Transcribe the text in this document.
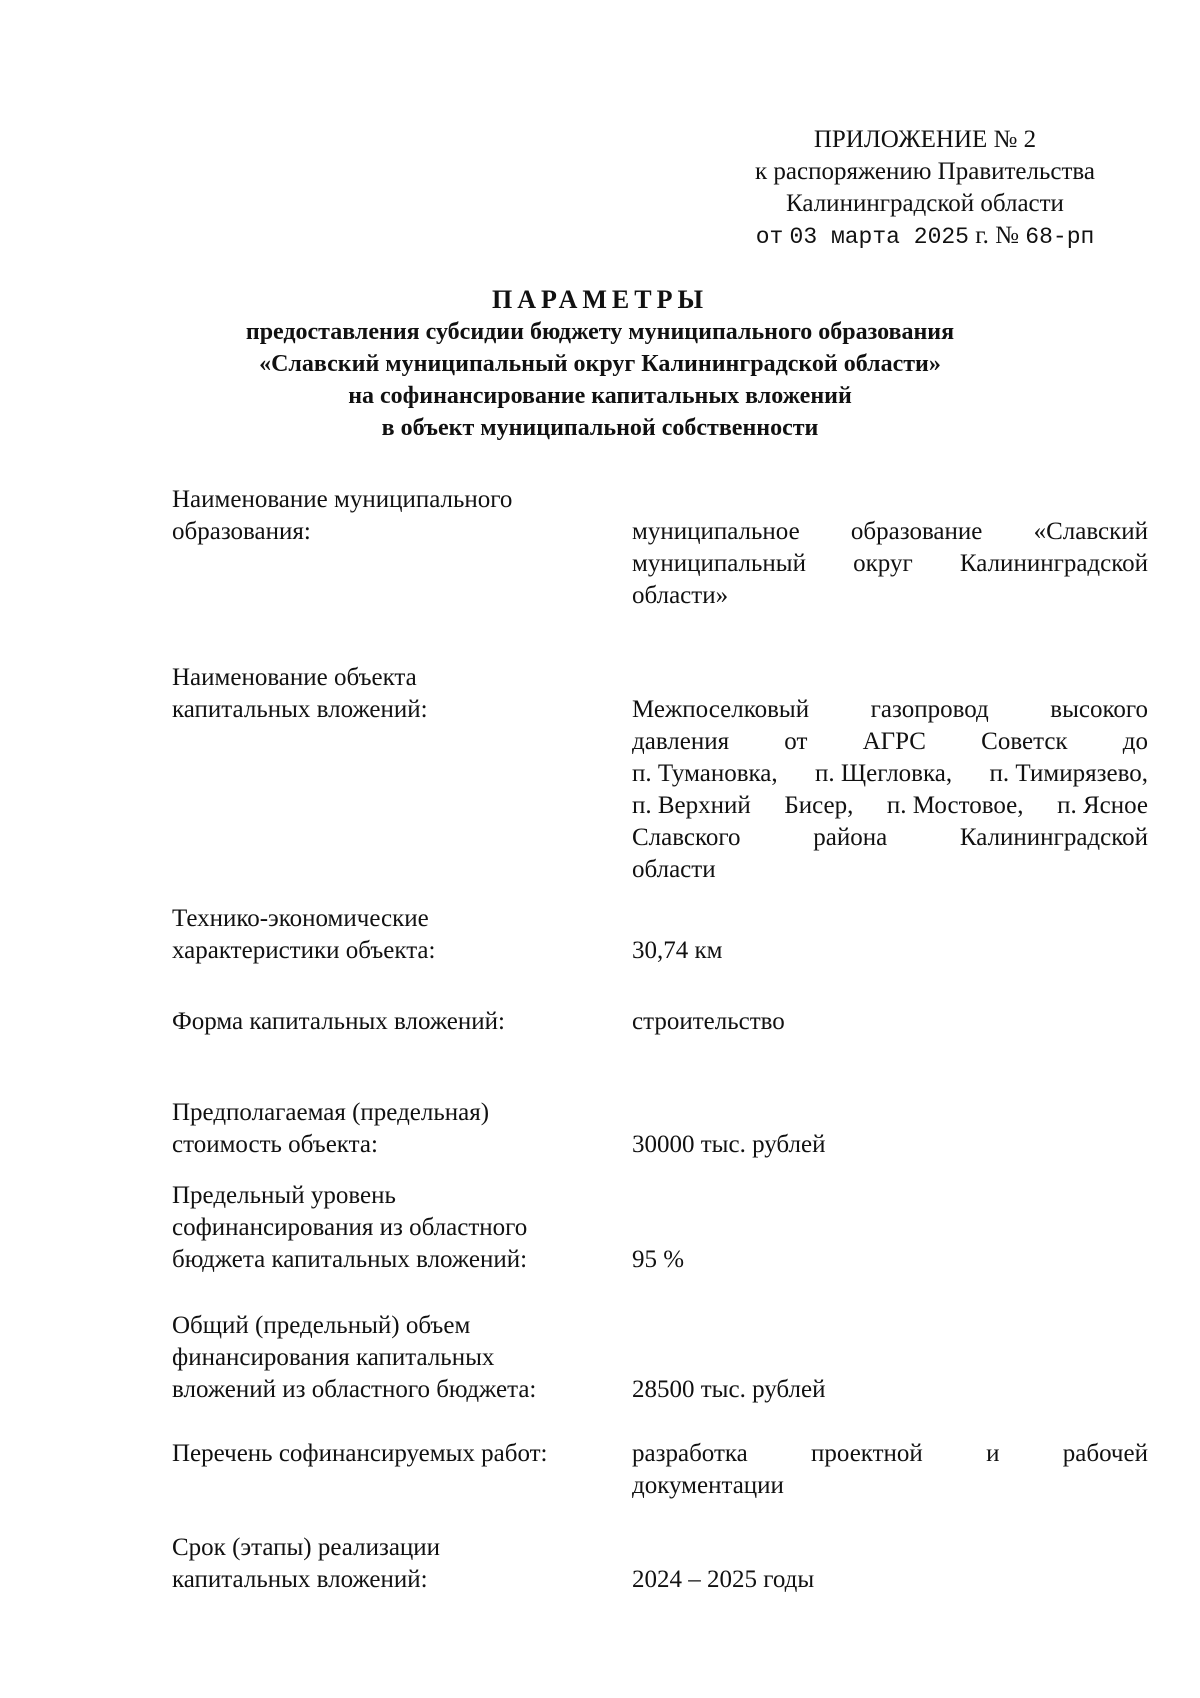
ПРИЛОЖЕНИЕ № 2
к распоряжению Правительства
Калининградской области
от 03 марта 2025 г. № 68-рп
ПАРАМЕТРЫ
предоставления субсидии бюджету муниципального образования
«Славский муниципальный округ Калининградской области»
на софинансирование капитальных вложений
в объект муниципальной собственности
Наименование муниципального
образования:	муниципальное образование «Славский
муниципальный округ Калининградской
области»
Наименование объекта
капитальных вложений:	Межпоселковый газопровод высокого
давления от АГРС Советск до
п. Тумановка, п. Щегловка, п. Тимирязево,
п. Верхний Бисер, п. Мостовое, п. Ясное
Славского	района	Калининградской
области
Технико-экономические
характеристики объекта:	30,74 км
Форма капитальных вложений:	строительство
Предполагаемая (предельная)
стоимость объекта:	30000 тыс. рублей
Предельный уровень
софинансирования из областного
бюджета капитальных вложений:	95 %
Общий (предельный) объем
финансирования капитальных
вложений из областного бюджета:	28500 тыс. рублей
Перечень софинансируемых работ:	разработка	проектной	и	рабочей
документации
Срок (этапы) реализации
капитальных вложений:	2024 – 2025 годы
